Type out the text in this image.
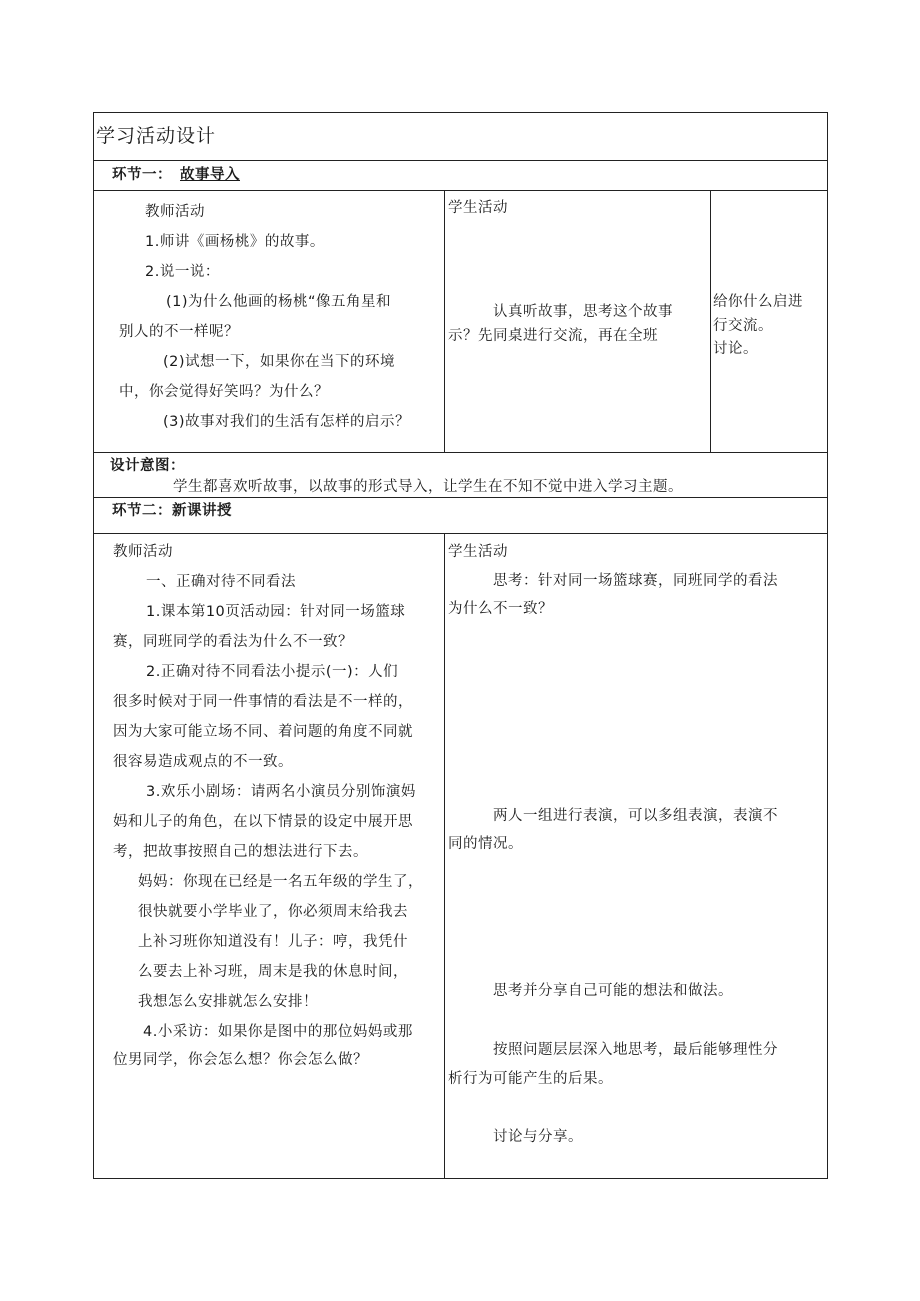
学习活动设计
环节一： 故事导入
教师活动
1.师讲《画杨桃》的故事。
2.说一说：
(1)为什么他画的杨桃“像五角星和
别人的不一样呢？
(2)试想一下，如果你在当下的环境
中，你会觉得好笑吗？为什么？
(3)故事对我们的生活有怎样的启示？
学生活动
认真听故事，思考这个故事
示？先同桌进行交流，再在全班
给你什么启进
行交流。
讨论。
设计意图：
学生都喜欢听故事，以故事的形式导入，让学生在不知不觉中进入学习主题。
环节二：新课讲授
教师活动
一、正确对待不同看法
1.课本第10页活动园：针对同一场篮球
赛，同班同学的看法为什么不一致？
2.正确对待不同看法小提示(一)：人们
很多时候对于同一件事情的看法是不一样的，
因为大家可能立场不同、着问题的角度不同就
很容易造成观点的不一致。
3.欢乐小剧场：请两名小演员分别饰演妈
妈和儿子的角色，在以下情景的设定中展开思
考，把故事按照自己的想法进行下去。
妈妈：你现在已经是一名五年级的学生了，
很快就要小学毕业了，你必须周末给我去
上补习班你知道没有！儿子：哼，我凭什
么要去上补习班，周末是我的休息时间，
我想怎么安排就怎么安排！
4.小采访：如果你是图中的那位妈妈或那
位男同学，你会怎么想？你会怎么做？
学生活动
思考：针对同一场篮球赛，同班同学的看法
为什么不一致？
两人一组进行表演，可以多组表演，表演不
同的情况。
思考并分享自己可能的想法和做法。
按照问题层层深入地思考，最后能够理性分
析行为可能产生的后果。
讨论与分享。
